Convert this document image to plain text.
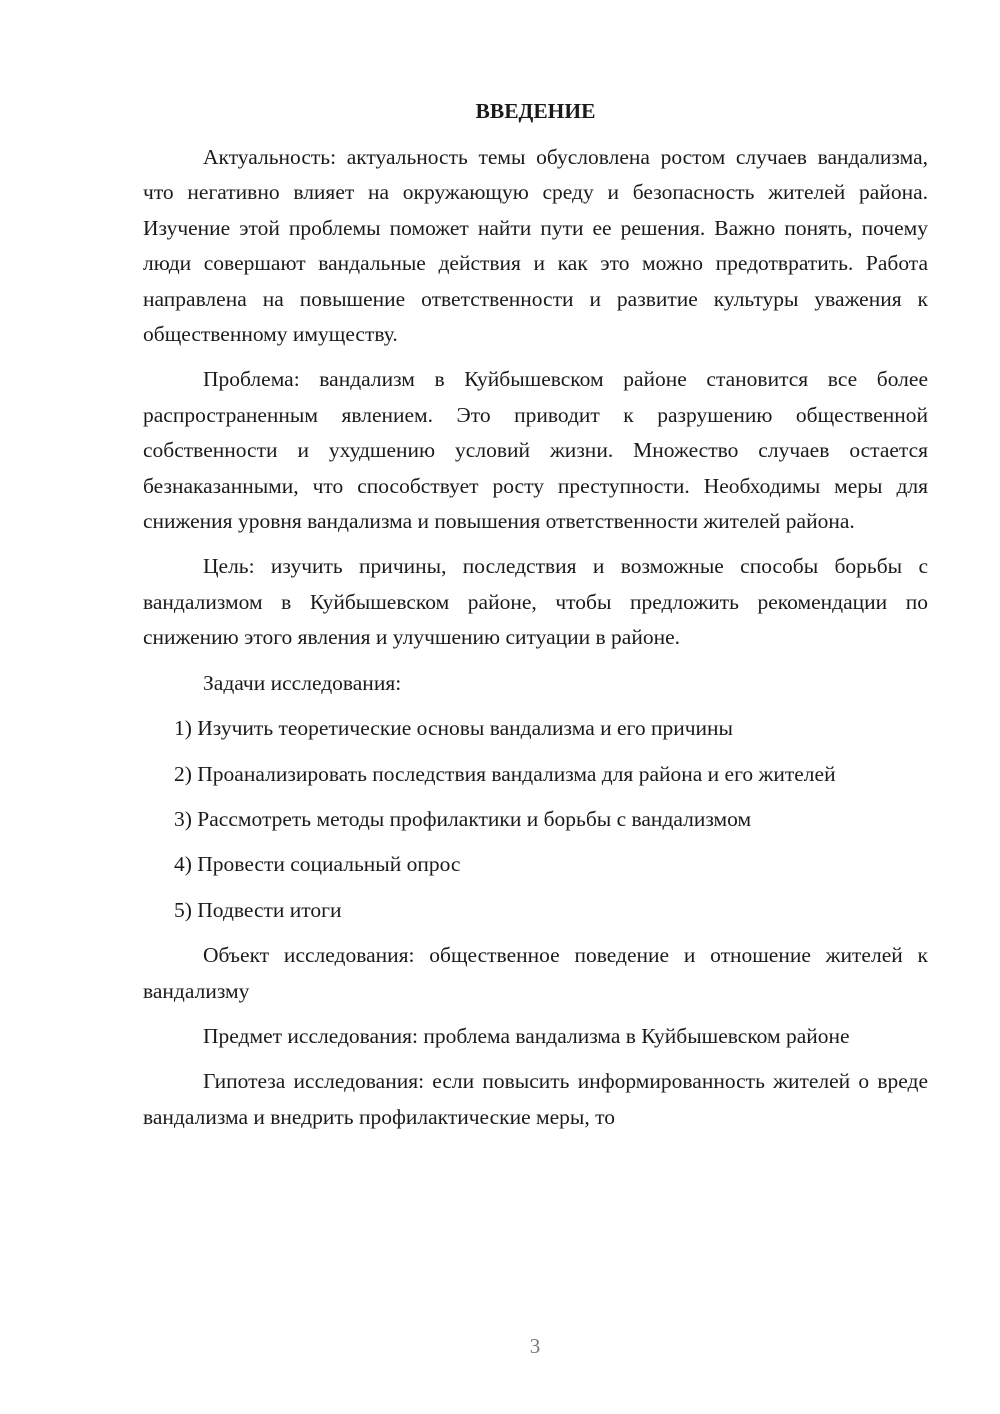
ВВЕДЕНИЕ

Актуальность: актуальность темы обусловлена ростом случаев вандализма, что негативно влияет на окружающую среду и безопасность жителей района. Изучение этой проблемы поможет найти пути ее решения. Важно понять, почему люди совершают вандальные действия и как это можно предотвратить. Работа направлена на повышение ответственности и развитие культуры уважения к общественному имуществу.

Проблема: вандализм в Куйбышевском районе становится все более распространенным явлением. Это приводит к разрушению общественной собственности и ухудшению условий жизни. Множество случаев остается безнаказанными, что способствует росту преступности. Необходимы меры для снижения уровня вандализма и повышения ответственности жителей района.

Цель: изучить причины, последствия и возможные способы борьбы с вандализмом в Куйбышевском районе, чтобы предложить рекомендации по снижению этого явления и улучшению ситуации в районе.

Задачи исследования:

1) Изучить теоретические основы вандализма и его причины

2) Проанализировать последствия вандализма для района и его жителей

3) Рассмотреть методы профилактики и борьбы с вандализмом

4) Провести социальный опрос

5) Подвести итоги

Объект исследования: общественное поведение и отношение жителей к вандализму

Предмет исследования: проблема вандализма в Куйбышевском районе

Гипотеза исследования: если повысить информированность жителей о вреде вандализма и внедрить профилактические меры, то

3
